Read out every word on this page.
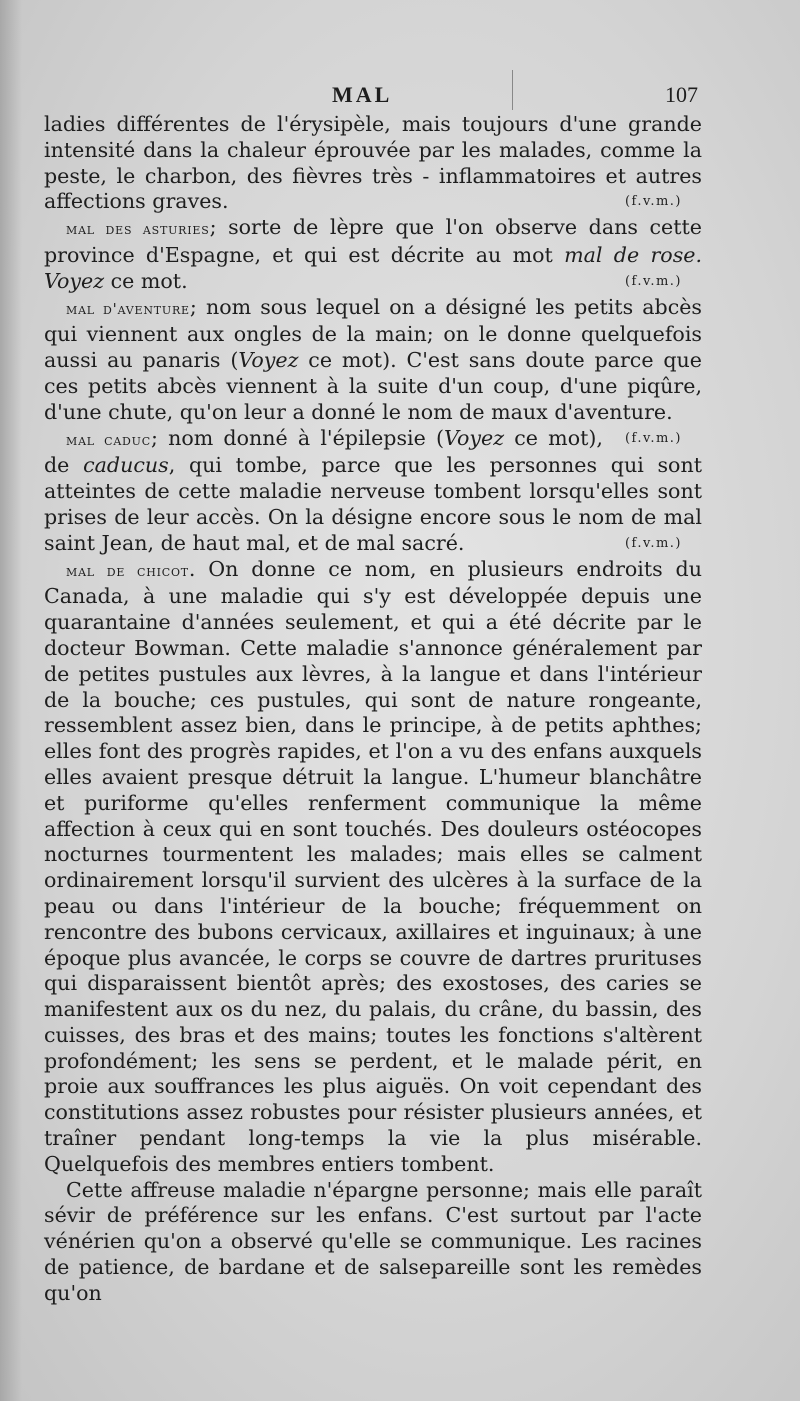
MAL	107

ladies différentes de l'érysipèle, mais toujours d'une grande intensité dans la chaleur éprouvée par les malades, comme la peste, le charbon, des fièvres très - inflammatoires et autres affections graves.	(f.v.m.)

mal des asturies; sorte de lèpre que l'on observe dans cette province d'Espagne, et qui est décrite au mot mal de rose. Voyez ce mot.	(f.v.m.)

mal d'aventure; nom sous lequel on a désigné les petits abcès qui viennent aux ongles de la main; on le donne quelquefois aussi au panaris (Voyez ce mot). C'est sans doute parce que ces petits abcès viennent à la suite d'un coup, d'une piqûre, d'une chute, qu'on leur a donné le nom de maux d'aventure.
(f.v.m.)

mal caduc; nom donné à l'épilepsie (Voyez ce mot), de caducus, qui tombe, parce que les personnes qui sont atteintes de cette maladie nerveuse tombent lorsqu'elles sont prises de leur accès. On la désigne encore sous le nom de mal saint Jean, de haut mal, et de mal sacré.	(f.v.m.)

mal de chicot. On donne ce nom, en plusieurs endroits du Canada, à une maladie qui s'y est développée depuis une quarantaine d'années seulement, et qui a été décrite par le docteur Bowman. Cette maladie s'annonce généralement par de petites pustules aux lèvres, à la langue et dans l'intérieur de la bouche; ces pustules, qui sont de nature rongeante, ressemblent assez bien, dans le principe, à de petits aphthes; elles font des progrès rapides, et l'on a vu des enfans auxquels elles avaient presque détruit la langue. L'humeur blanchâtre et puriforme qu'elles renferment communique la même affection à ceux qui en sont touchés. Des douleurs ostéocopes nocturnes tourmentent les malades; mais elles se calment ordinairement lorsqu'il survient des ulcères à la surface de la peau ou dans l'intérieur de la bouche; fréquemment on rencontre des bubons cervicaux, axillaires et inguinaux; à une époque plus avancée, le corps se couvre de dartres prurituses qui disparaissent bientôt après; des exostoses, des caries se manifestent aux os du nez, du palais, du crâne, du bassin, des cuisses, des bras et des mains; toutes les fonctions s'altèrent profondément; les sens se perdent, et le malade périt, en proie aux souffrances les plus aiguës. On voit cependant des constitutions assez robustes pour résister plusieurs années, et traîner pendant long-temps la vie la plus misérable. Quelquefois des membres entiers tombent.

Cette affreuse maladie n'épargne personne; mais elle paraît sévir de préférence sur les enfans. C'est surtout par l'acte vénérien qu'on a observé qu'elle se communique. Les racines de patience, de bardane et de salsepareille sont les remèdes qu'on
